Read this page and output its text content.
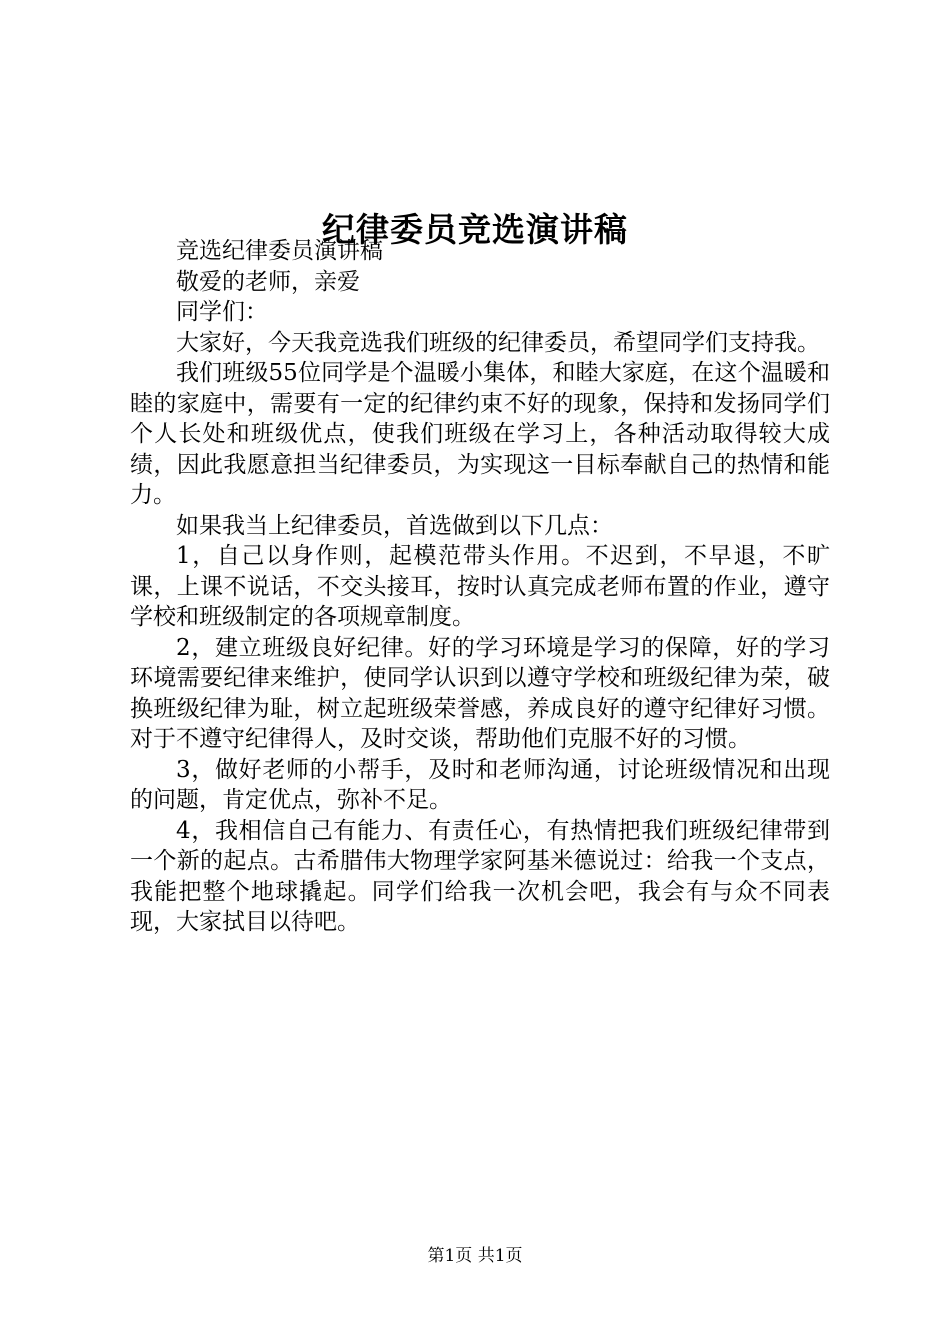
纪律委员竞选演讲稿

竞选纪律委员演讲稿

敬爱的老师，亲爱

同学们：

大家好，今天我竞选我们班级的纪律委员，希望同学们支持我。

我们班级55位同学是个温暖小集体，和睦大家庭，在这个温暖和睦的家庭中，需要有一定的纪律约束不好的现象，保持和发扬同学们个人长处和班级优点，使我们班级在学习上，各种活动取得较大成绩，因此我愿意担当纪律委员，为实现这一目标奉献自己的热情和能力。

如果我当上纪律委员，首选做到以下几点：

1，自己以身作则，起模范带头作用。不迟到，不早退，不旷课，上课不说话，不交头接耳，按时认真完成老师布置的作业，遵守学校和班级制定的各项规章制度。

2，建立班级良好纪律。好的学习环境是学习的保障，好的学习环境需要纪律来维护，使同学认识到以遵守学校和班级纪律为荣，破换班级纪律为耻，树立起班级荣誉感，养成良好的遵守纪律好习惯。对于不遵守纪律得人，及时交谈，帮助他们克服不好的习惯。

3，做好老师的小帮手，及时和老师沟通，讨论班级情况和出现的问题，肯定优点，弥补不足。

4，我相信自己有能力、有责任心，有热情把我们班级纪律带到一个新的起点。古希腊伟大物理学家阿基米德说过：给我一个支点，我能把整个地球撬起。同学们给我一次机会吧，我会有与众不同表现，大家拭目以待吧。

第1页 共1页
